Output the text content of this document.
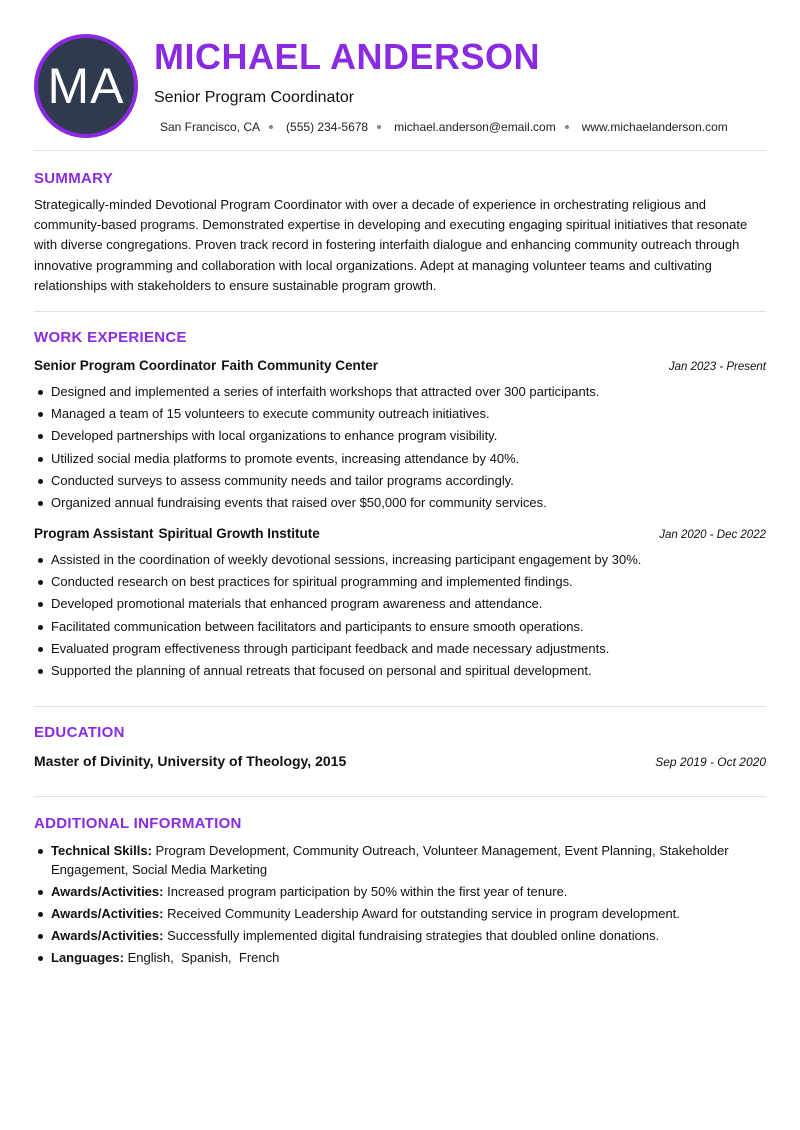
MA
MICHAEL ANDERSON
Senior Program Coordinator
San Francisco, CA (555) 234-5678 michael.anderson@email.com www.michaelanderson.com
SUMMARY
Strategically-minded Devotional Program Coordinator with over a decade of experience in orchestrating religious and community-based programs. Demonstrated expertise in developing and executing engaging spiritual initiatives that resonate with diverse congregations. Proven track record in fostering interfaith dialogue and enhancing community outreach through innovative programming and collaboration with local organizations. Adept at managing volunteer teams and cultivating relationships with stakeholders to ensure sustainable program growth.
WORK EXPERIENCE
Senior Program Coordinator Faith Community Center	Jan 2023 - Present
Designed and implemented a series of interfaith workshops that attracted over 300 participants.
Managed a team of 15 volunteers to execute community outreach initiatives.
Developed partnerships with local organizations to enhance program visibility.
Utilized social media platforms to promote events, increasing attendance by 40%.
Conducted surveys to assess community needs and tailor programs accordingly.
Organized annual fundraising events that raised over $50,000 for community services.
Program Assistant Spiritual Growth Institute	Jan 2020 - Dec 2022
Assisted in the coordination of weekly devotional sessions, increasing participant engagement by 30%.
Conducted research on best practices for spiritual programming and implemented findings.
Developed promotional materials that enhanced program awareness and attendance.
Facilitated communication between facilitators and participants to ensure smooth operations.
Evaluated program effectiveness through participant feedback and made necessary adjustments.
Supported the planning of annual retreats that focused on personal and spiritual development.
EDUCATION
Master of Divinity, University of Theology, 2015	Sep 2019 - Oct 2020
ADDITIONAL INFORMATION
Technical Skills: Program Development, Community Outreach, Volunteer Management, Event Planning, Stakeholder Engagement, Social Media Marketing
Awards/Activities: Increased program participation by 50% within the first year of tenure.
Awards/Activities: Received Community Leadership Award for outstanding service in program development.
Awards/Activities: Successfully implemented digital fundraising strategies that doubled online donations.
Languages: English,  Spanish,  French
